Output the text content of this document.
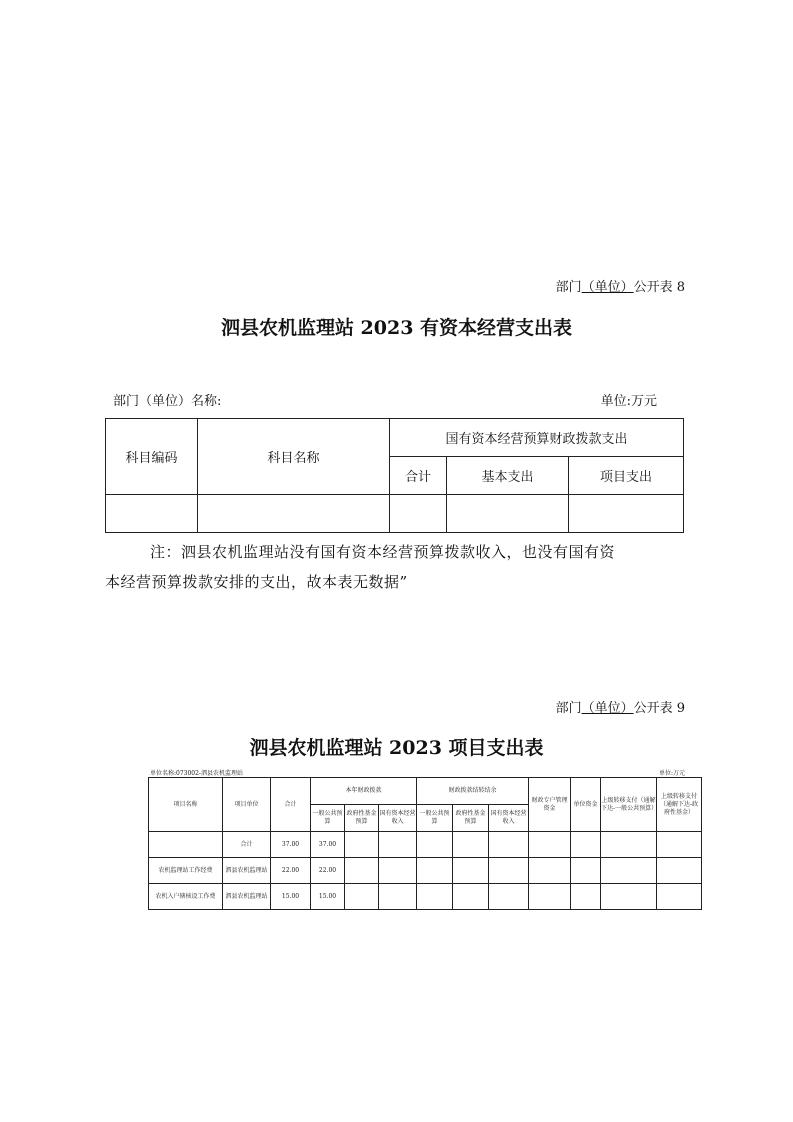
部门（单位）公开表 8
泗县农机监理站 2023 有资本经营支出表
部门（单位）名称:	单位:万元
科目编码	科目名称	国有资本经营预算财政拨款支出		
		合计	基本支出	项目支出

注：泗县农机监理站没有国有资本经营预算拨款收入，也没有国有资
本经营预算拨款安排的支出，故本表无数据”
部门（单位）公开表 9
泗县农机监理站 2023 项目支出表
单位名称:073002-泗县农机监理站	单位:万元
项目名称	项目单位	合计	本年财政拨款			财政拨款结转结余			财政专户管理资金	单位资金	上级转移支付（通解下达-一般公共预算）	上级转移支付（通解下达-政府性基金）
			一般公共预算	政府性基金预算	国有资本经营收入	一般公共预算	政府性基金预算	国有资本经营收入				
	合计	37.00	37.00									
农机监理站工作经费	泗县农机监理站	22.00	22.00									
农机入户辖核设工作费	泗县农机监理站	15.00	15.00									
